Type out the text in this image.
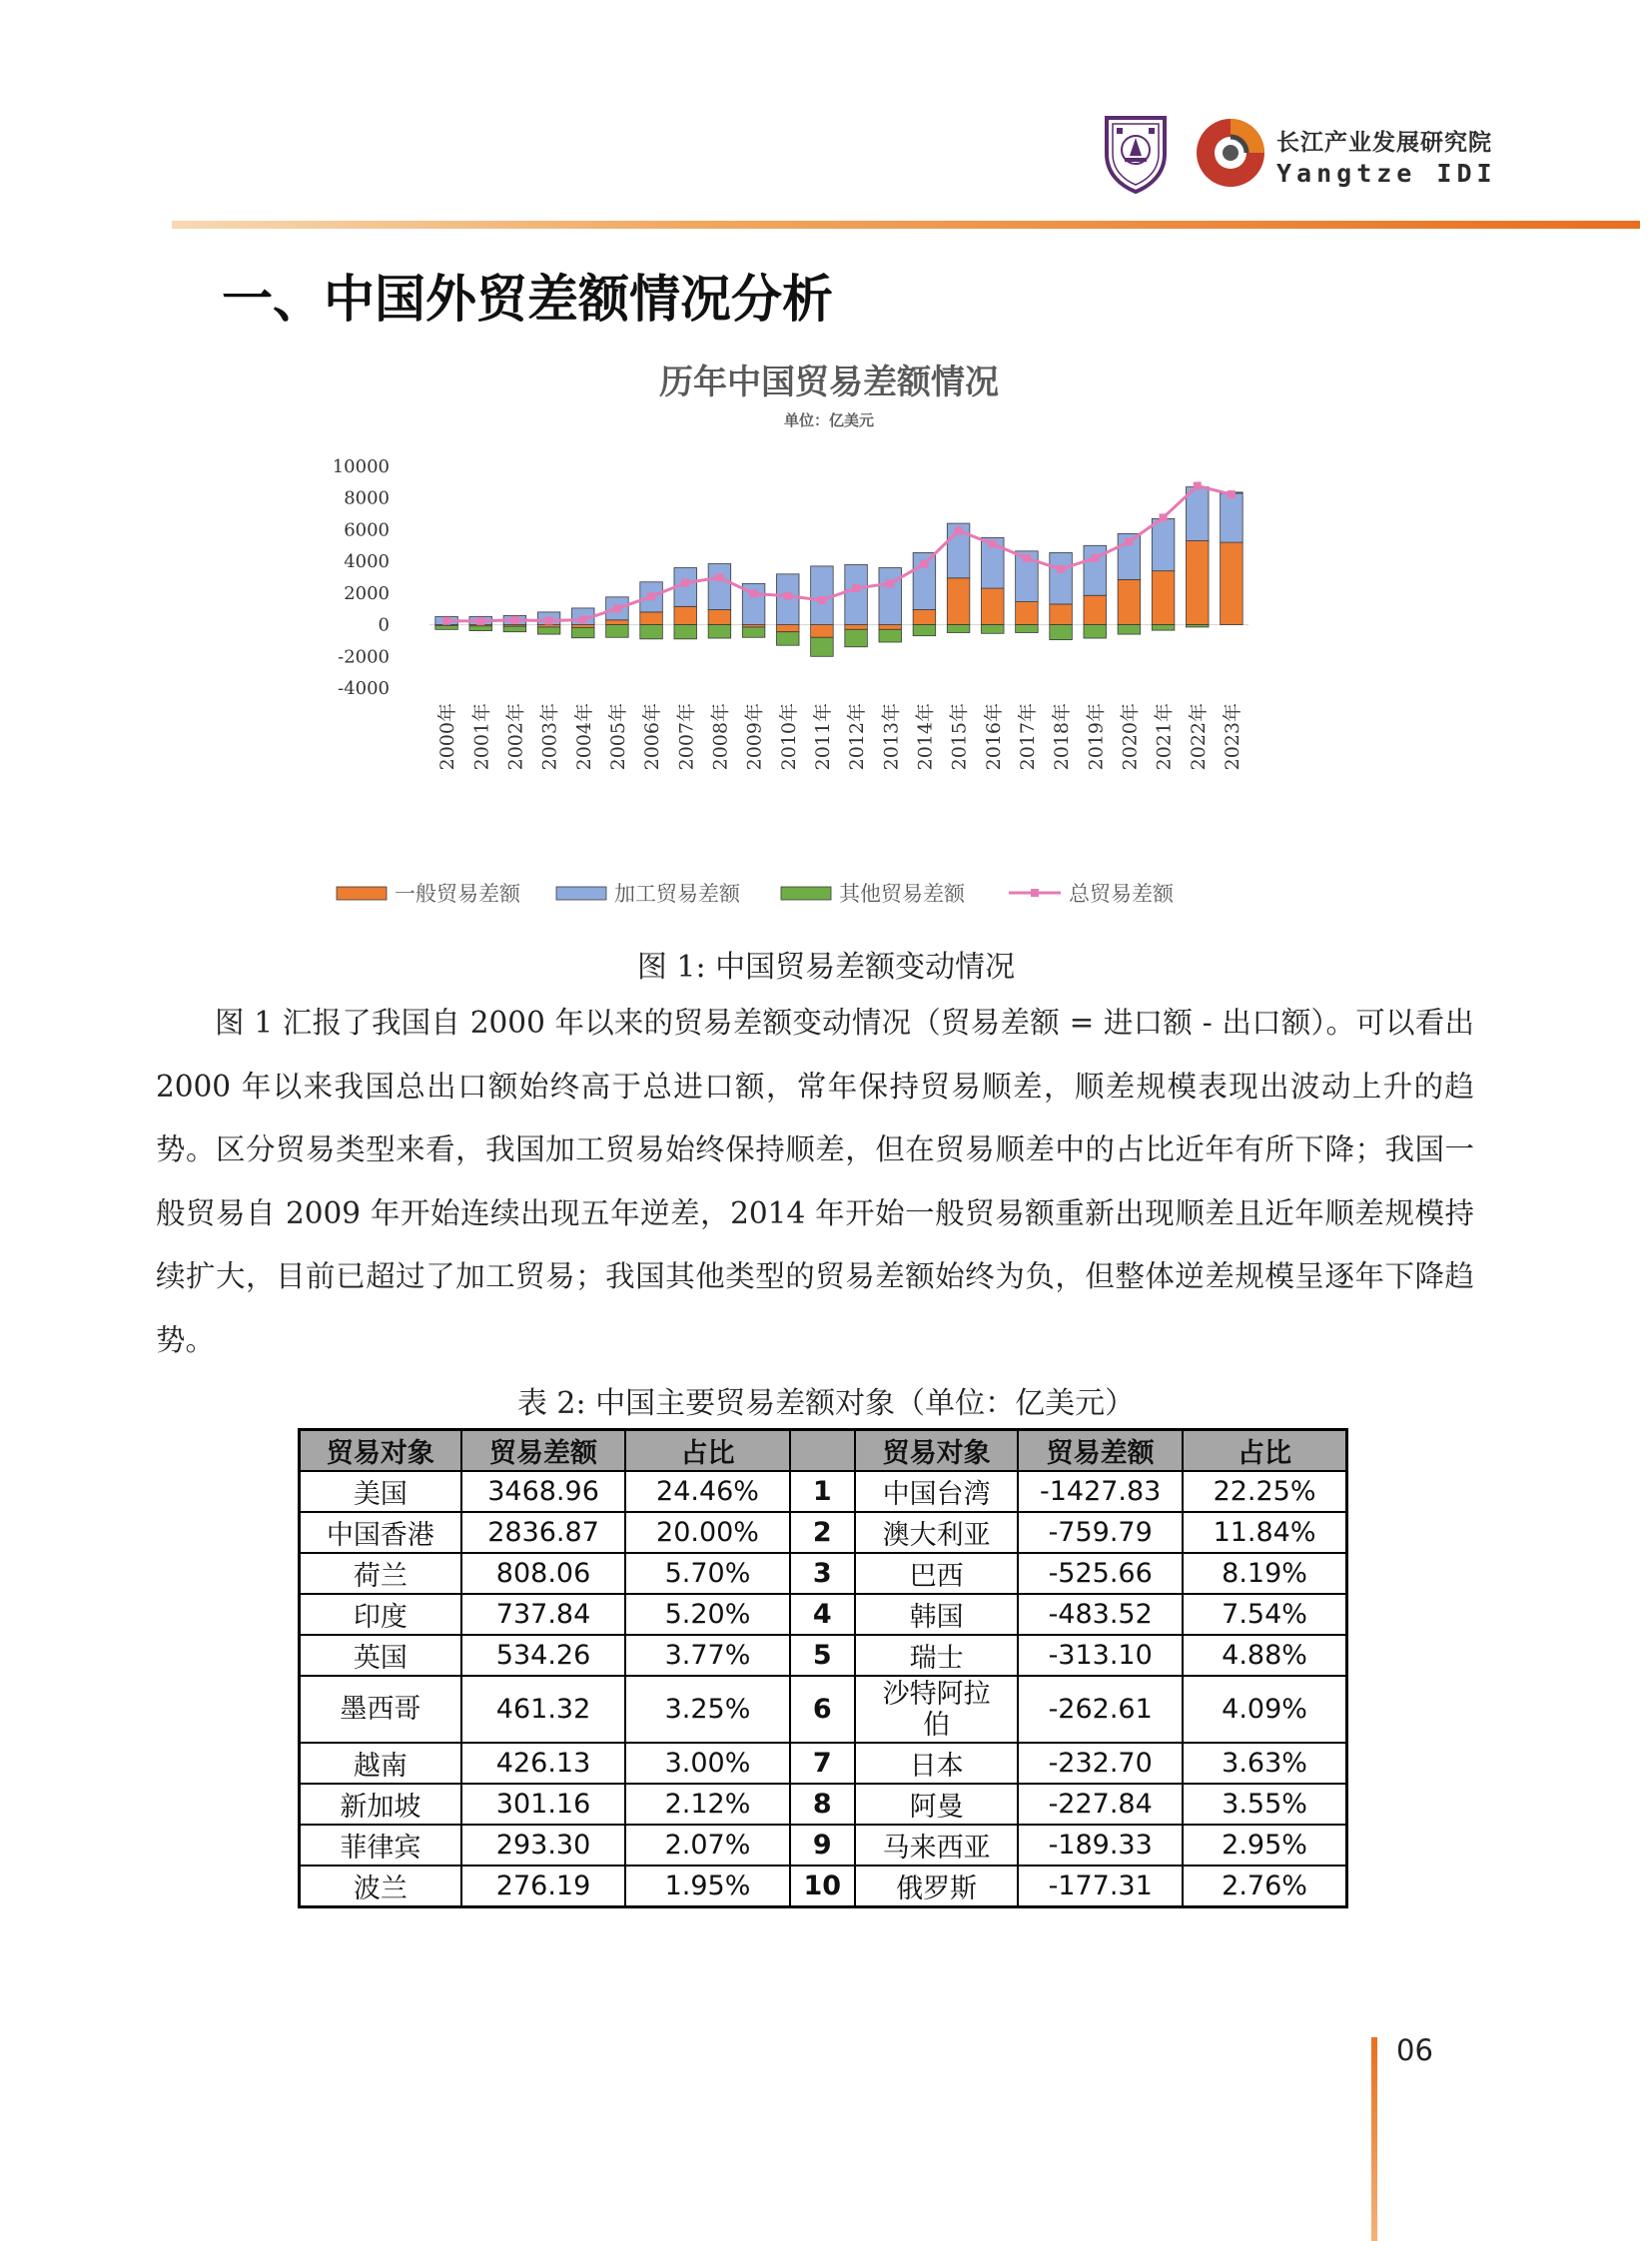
长江产业发展研究院
Yangtze IDI
一、中国外贸差额情况分析
历年中国贸易差额情况
单位：亿美元
-4000
-2000
0
2000
4000
6000
8000
10000
2000年 2001年 2002年 2003年 2004年 2005年 2006年 2007年 2008年 2009年 2010年 2011年 2012年 2013年 2014年 2015年 2016年 2017年 2018年 2019年 2020年 2021年 2022年 2023年
一般贸易差额	加工贸易差额	其他贸易差额	总贸易差额
图 1: 中国贸易差额变动情况
图 1 汇报了我国自 2000 年以来的贸易差额变动情况（贸易差额 = 进口额 - 出口额）。可以看出 2000 年以来我国总出口额始终高于总进口额，常年保持贸易顺差，顺差规模表现出波动上升的趋势。区分贸易类型来看，我国加工贸易始终保持顺差，但在贸易顺差中的占比近年有所下降；我国一般贸易自 2009 年开始连续出现五年逆差，2014 年开始一般贸易额重新出现顺差且近年顺差规模持续扩大，目前已超过了加工贸易；我国其他类型的贸易差额始终为负，但整体逆差规模呈逐年下降趋势。
表 2: 中国主要贸易差额对象（单位：亿美元）
贸易对象	贸易差额	占比		贸易对象	贸易差额	占比
美国	3468.96	24.46%	1	中国台湾	-1427.83	22.25%
中国香港	2836.87	20.00%	2	澳大利亚	-759.79	11.84%
荷兰	808.06	5.70%	3	巴西	-525.66	8.19%
印度	737.84	5.20%	4	韩国	-483.52	7.54%
英国	534.26	3.77%	5	瑞士	-313.10	4.88%
墨西哥	461.32	3.25%	6	沙特阿拉伯	-262.61	4.09%
越南	426.13	3.00%	7	日本	-232.70	3.63%
新加坡	301.16	2.12%	8	阿曼	-227.84	3.55%
菲律宾	293.30	2.07%	9	马来西亚	-189.33	2.95%
波兰	276.19	1.95%	10	俄罗斯	-177.31	2.76%
06
